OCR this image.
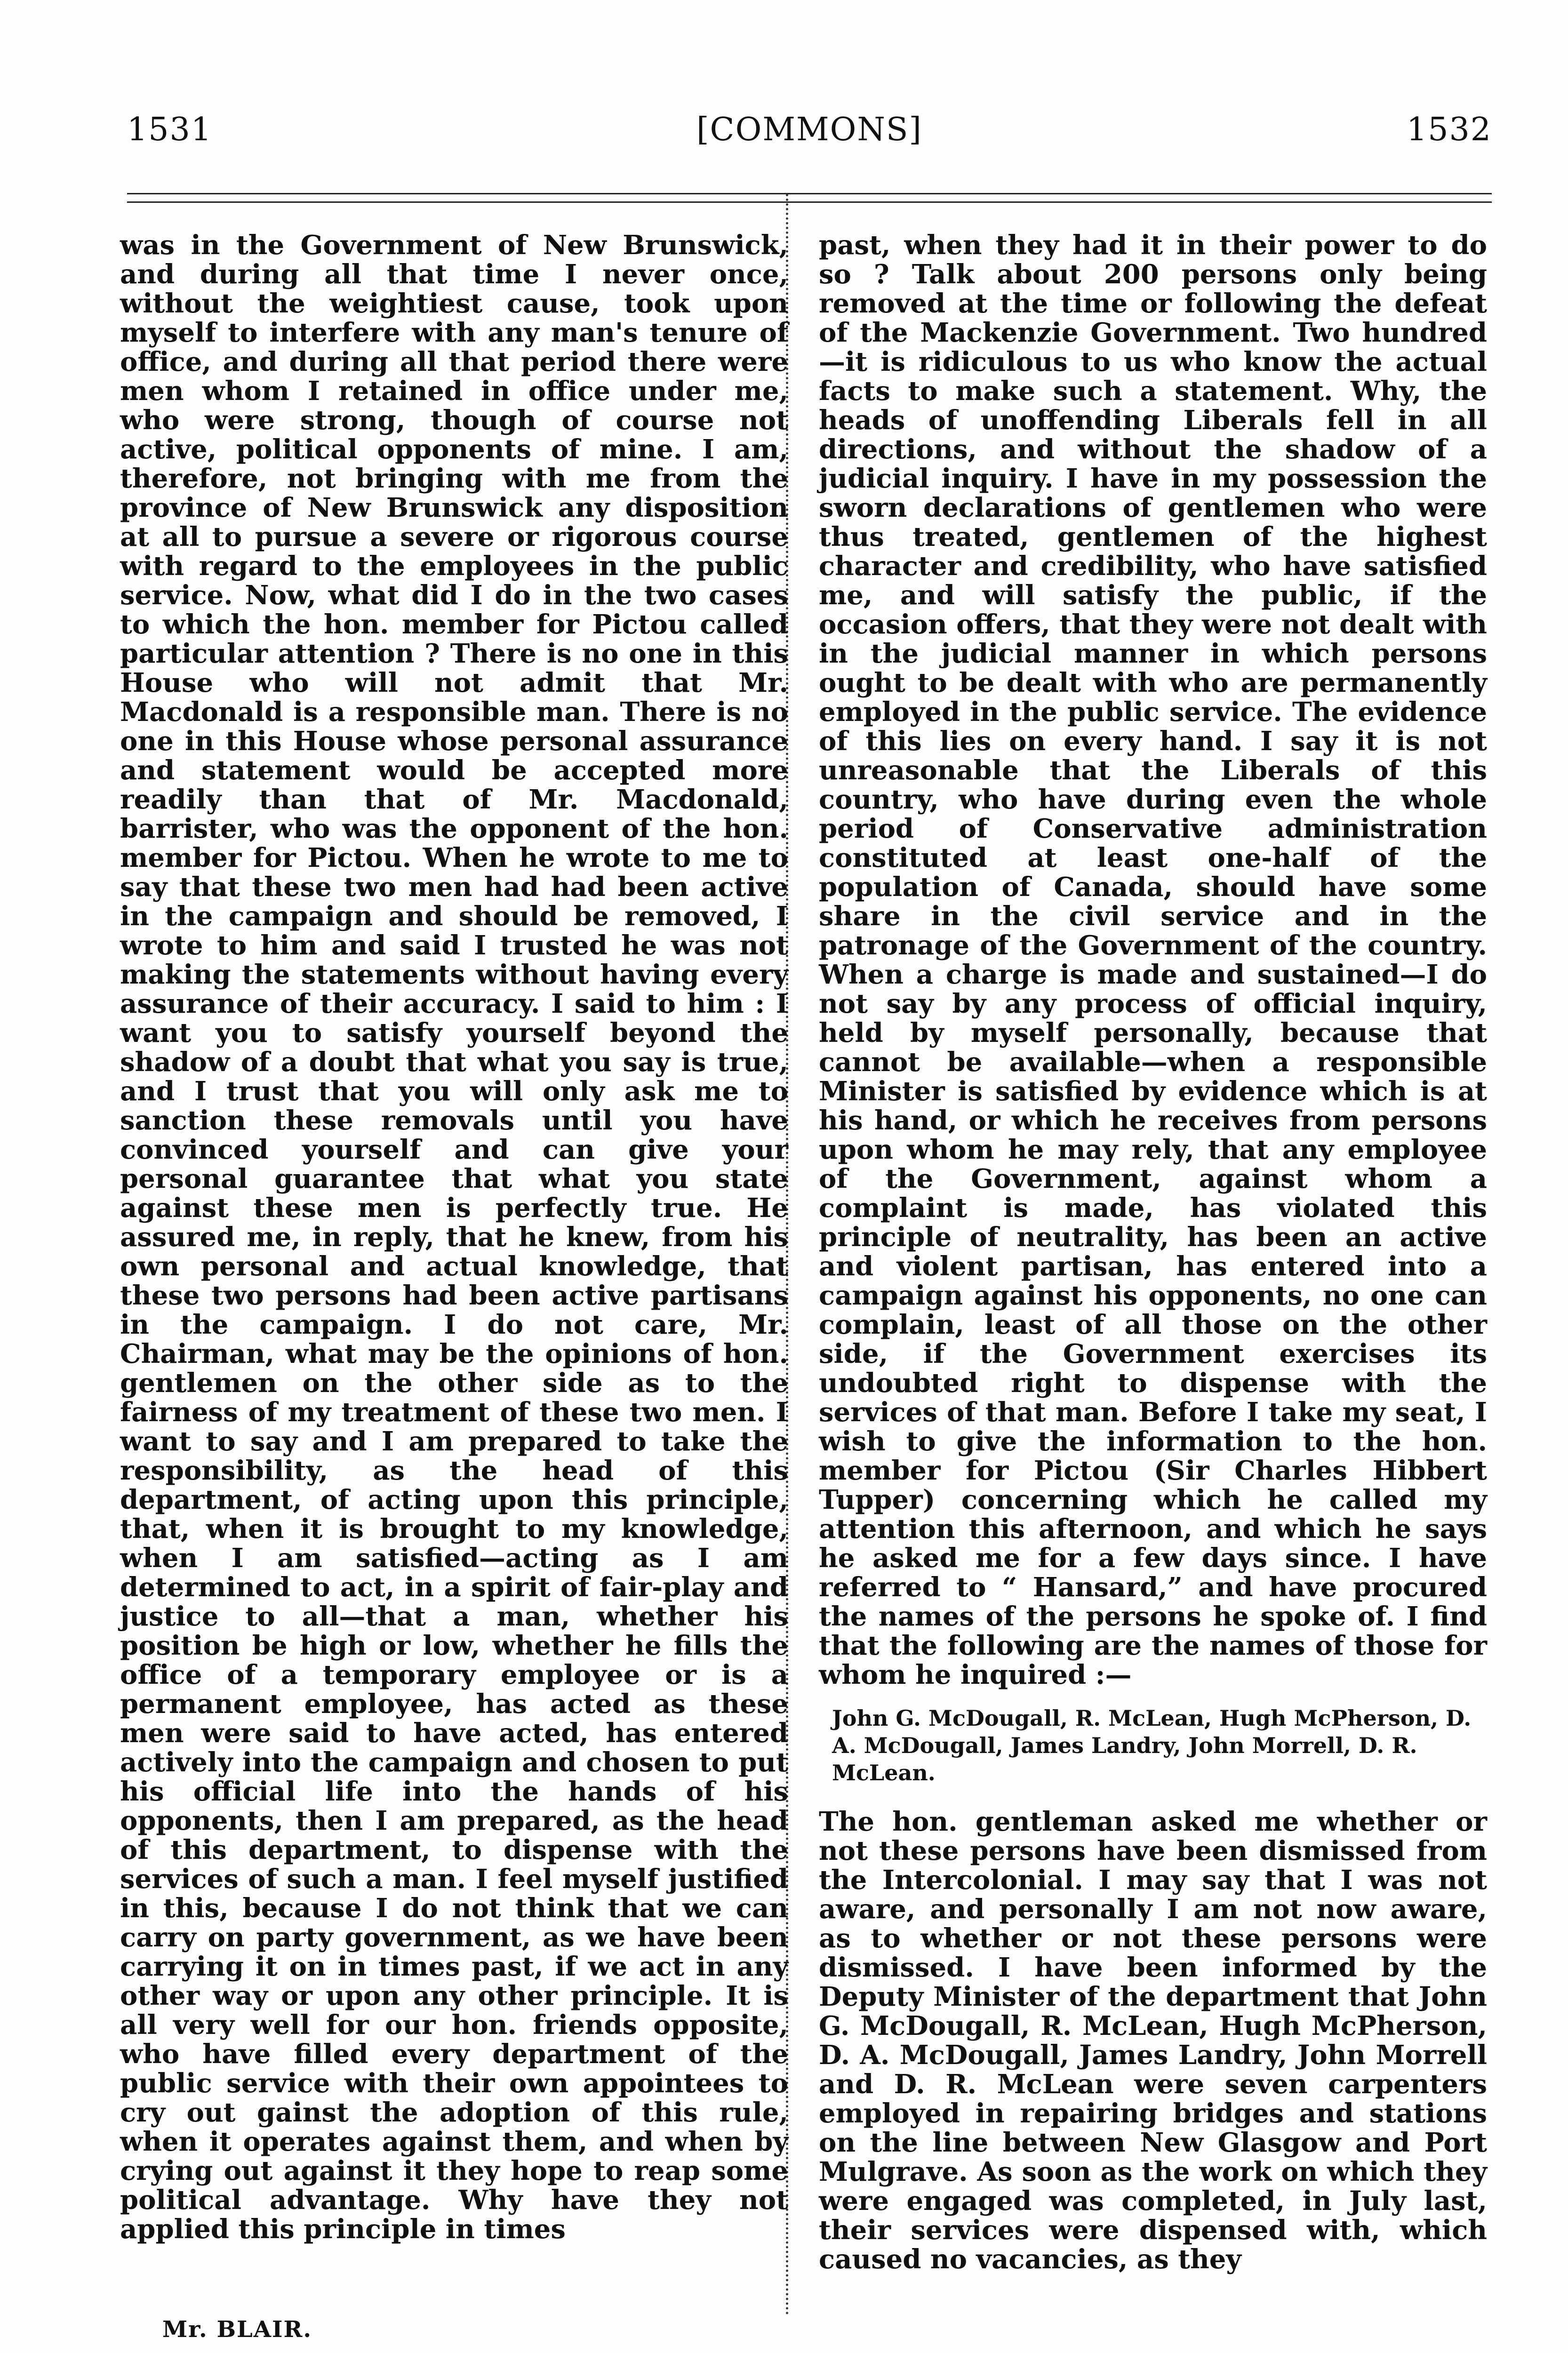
1531	[COMMONS]	1532

was in the Government of New Brunswick, and during all that time I never once, without the weightiest cause, took upon myself to interfere with any man's tenure of office, and during all that period there were men whom I retained in office under me, who were strong, though of course not active, political opponents of mine. I am, therefore, not bringing with me from the province of New Brunswick any disposition at all to pursue a severe or rigorous course with regard to the employees in the public service. Now, what did I do in the two cases to which the hon. member for Pictou called particular attention ? There is no one in this House who will not admit that Mr. Macdonald is a responsible man. There is no one in this House whose personal assurance and statement would be accepted more readily than that of Mr. Macdonald, barrister, who was the opponent of the hon. member for Pictou. When he wrote to me to say that these two men had had been active in the campaign and should be removed, I wrote to him and said I trusted he was not making the statements without having every assurance of their accuracy. I said to him : I want you to satisfy yourself beyond the shadow of a doubt that what you say is true, and I trust that you will only ask me to sanction these removals until you have convinced yourself and can give your personal guarantee that what you state against these men is perfectly true. He assured me, in reply, that he knew, from his own personal and actual knowledge, that these two persons had been active partisans in the campaign. I do not care, Mr. Chairman, what may be the opinions of hon. gentlemen on the other side as to the fairness of my treatment of these two men. I want to say and I am prepared to take the responsibility, as the head of this department, of acting upon this principle, that, when it is brought to my knowledge, when I am satisfied—acting as I am determined to act, in a spirit of fair-play and justice to all—that a man, whether his position be high or low, whether he fills the office of a temporary employee or is a permanent employee, has acted as these men were said to have acted, has entered actively into the campaign and chosen to put his official life into the hands of his opponents, then I am prepared, as the head of this department, to dispense with the services of such a man. I feel myself justified in this, because I do not think that we can carry on party government, as we have been carrying it on in times past, if we act in any other way or upon any other principle. It is all very well for our hon. friends opposite, who have filled every department of the public service with their own appointees to cry out gainst the adoption of this rule, when it operates against them, and when by crying out against it they hope to reap some political advantage. Why have they not applied this principle in times

past, when they had it in their power to do so ? Talk about 200 persons only being removed at the time or following the defeat of the Mackenzie Government. Two hundred—it is ridiculous to us who know the actual facts to make such a statement. Why, the heads of unoffending Liberals fell in all directions, and without the shadow of a judicial inquiry. I have in my possession the sworn declarations of gentlemen who were thus treated, gentlemen of the highest character and credibility, who have satisfied me, and will satisfy the public, if the occasion offers, that they were not dealt with in the judicial manner in which persons ought to be dealt with who are permanently employed in the public service. The evidence of this lies on every hand. I say it is not unreasonable that the Liberals of this country, who have during even the whole period of Conservative administration constituted at least one-half of the population of Canada, should have some share in the civil service and in the patronage of the Government of the country. When a charge is made and sustained—I do not say by any process of official inquiry, held by myself personally, because that cannot be available—when a responsible Minister is satisfied by evidence which is at his hand, or which he receives from persons upon whom he may rely, that any employee of the Government, against whom a complaint is made, has violated this principle of neutrality, has been an active and violent partisan, has entered into a campaign against his opponents, no one can complain, least of all those on the other side, if the Government exercises its undoubted right to dispense with the services of that man. Before I take my seat, I wish to give the information to the hon. member for Pictou (Sir Charles Hibbert Tupper) concerning which he called my attention this afternoon, and which he says he asked me for a few days since. I have referred to “ Hansard,” and have procured the names of the persons he spoke of. I find that the following are the names of those for whom he inquired :—

John G. McDougall, R. McLean, Hugh McPherson, D. A. McDougall, James Landry, John Morrell, D. R. McLean.

The hon. gentleman asked me whether or not these persons have been dismissed from the Intercolonial. I may say that I was not aware, and personally I am not now aware, as to whether or not these persons were dismissed. I have been informed by the Deputy Minister of the department that John G. McDougall, R. McLean, Hugh McPherson, D. A. McDougall, James Landry, John Morrell and D. R. McLean were seven carpenters employed in repairing bridges and stations on the line between New Glasgow and Port Mulgrave. As soon as the work on which they were engaged was completed, in July last, their services were dispensed with, which caused no vacancies, as they

Mr. BLAIR.
